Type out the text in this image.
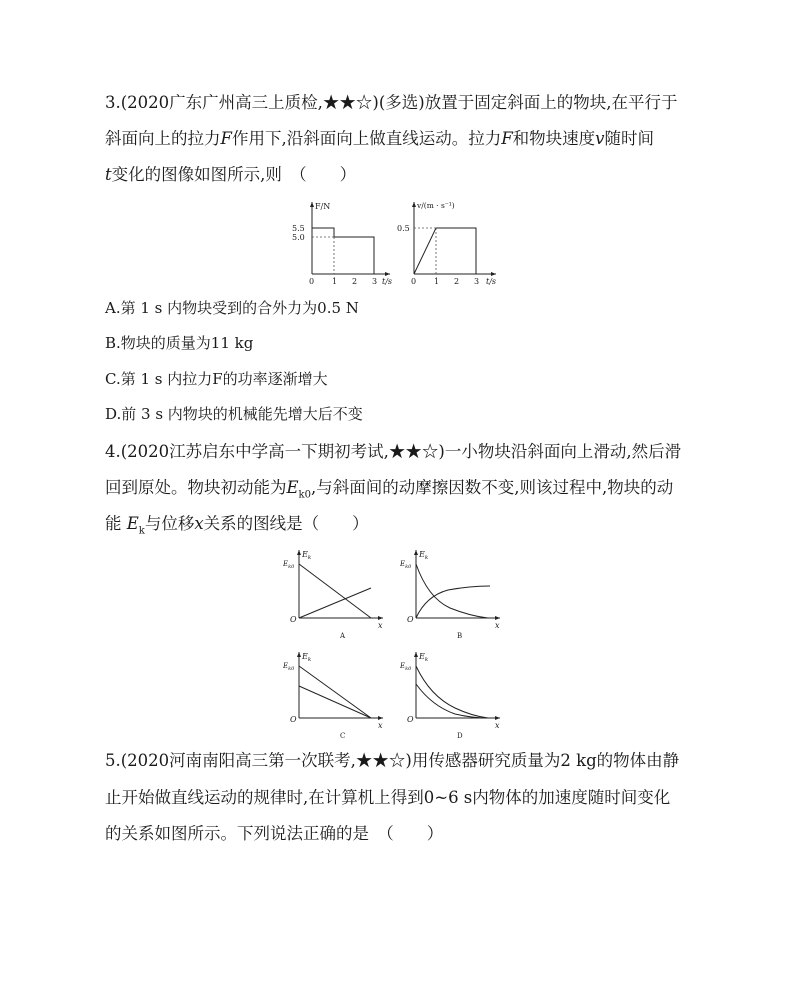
3.(2020广东广州高三上质检,★★☆)(多选)放置于固定斜面上的物块,在平行于
斜面向上的拉力F作用下,沿斜面向上做直线运动。拉力F和物块速度v随时间
t变化的图像如图所示,则　（　　）
F/N
5.5
5.0
0 1 2 3 t/s
v/(m · s⁻¹)
0.5
0 1 2 3 t/s
A.第 1 s 内物块受到的合外力为0.5 N
B.物块的质量为11 kg
C.第 1 s 内拉力F的功率逐渐增大
D.前 3 s 内物块的机械能先增大后不变
4.(2020江苏启东中学高一下期初考试,★★☆)一小物块沿斜面向上滑动,然后滑
回到原处。物块初动能为$E_{k0}$,与斜面间的动摩擦因数不变,则该过程中,物块的动
能 $E_k$与位移x关系的图线是（　　）
$E_k$
$E_{k0}$
O
x
A
$E_k$
$E_{k0}$
O
x
B
$E_k$
$E_{k0}$
O
x
C
$E_k$
$E_{k0}$
O
x
D
5.(2020河南南阳高三第一次联考,★★☆)用传感器研究质量为2 kg的物体由静
止开始做直线运动的规律时,在计算机上得到0~6 s内物体的加速度随时间变化
的关系如图所示。下列说法正确的是　（　　）
